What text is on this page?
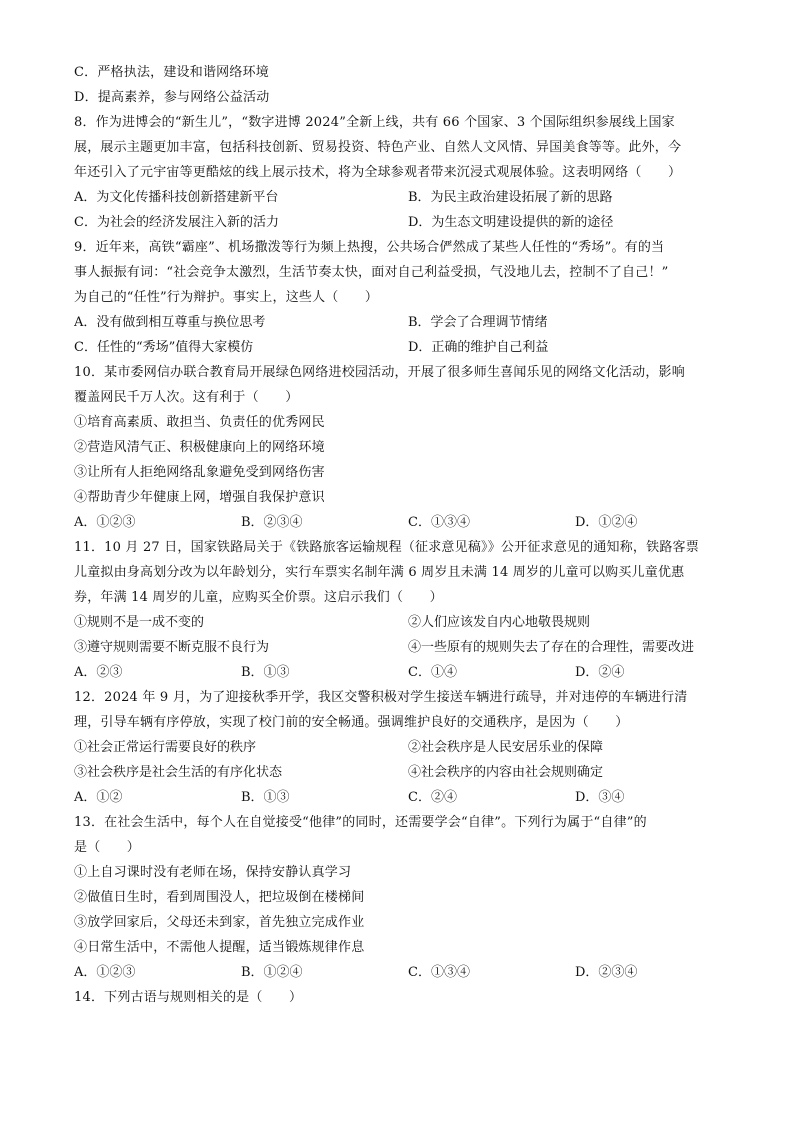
C．严格执法，建设和谐网络环境
D．提高素养，参与网络公益活动
8．作为进博会的“新生儿”，“数字进博 2024”全新上线，共有 66 个国家、3 个国际组织参展线上国家
展，展示主题更加丰富，包括科技创新、贸易投资、特色产业、自然人文风情、异国美食等等。此外，今
年还引入了元宇宙等更酷炫的线上展示技术，将为全球参观者带来沉浸式观展体验。这表明网络（　　）
A．为文化传播科技创新搭建新平台	B．为民主政治建设拓展了新的思路
C．为社会的经济发展注入新的活力	D．为生态文明建设提供的新的途径
9．近年来，高铁“霸座”、机场撒泼等行为频上热搜，公共场合俨然成了某些人任性的“秀场”。有的当
事人振振有词：“社会竞争太激烈，生活节奏太快，面对自己利益受损，气没地儿去，控制不了自己！”
为自己的“任性”行为辩护。事实上，这些人（　　）
A．没有做到相互尊重与换位思考	B．学会了合理调节情绪
C．任性的“秀场”值得大家模仿	D．正确的维护自己利益
10．某市委网信办联合教育局开展绿色网络进校园活动，开展了很多师生喜闻乐见的网络文化活动，影响
覆盖网民千万人次。这有利于（　　）
①培育高素质、敢担当、负责任的优秀网民
②营造风清气正、积极健康向上的网络环境
③让所有人拒绝网络乱象避免受到网络伤害
④帮助青少年健康上网，增强自我保护意识
A．①②③	B．②③④	C．①③④	D．①②④
11．10 月 27 日，国家铁路局关于《铁路旅客运输规程（征求意见稿》》公开征求意见的通知称，铁路客票
儿童拟由身高划分改为以年龄划分，实行车票实名制年满 6 周岁且未满 14 周岁的儿童可以购买儿童优惠
券，年满 14 周岁的儿童，应购买全价票。这启示我们（　　）
①规则不是一成不变的	②人们应该发自内心地敬畏规则
③遵守规则需要不断克服不良行为	④一些原有的规则失去了存在的合理性，需要改进
A．②③	B．①③	C．①④	D．②④
12．2024 年 9 月，为了迎接秋季开学，我区交警积极对学生接送车辆进行疏导，并对违停的车辆进行清
理，引导车辆有序停放，实现了校门前的安全畅通。强调维护良好的交通秩序，是因为（　　）
①社会正常运行需要良好的秩序	②社会秩序是人民安居乐业的保障
③社会秩序是社会生活的有序化状态	④社会秩序的内容由社会规则确定
A．①②	B．①③	C．②④	D．③④
13．在社会生活中，每个人在自觉接受“他律”的同时，还需要学会“自律”。下列行为属于“自律”的
是（　　）
①上自习课时没有老师在场，保持安静认真学习
②做值日生时，看到周围没人，把垃圾倒在楼梯间
③放学回家后，父母还未到家，首先独立完成作业
④日常生活中，不需他人提醒，适当锻炼规律作息
A．①②③	B．①②④	C．①③④	D．②③④
14．下列古语与规则相关的是（　　）
